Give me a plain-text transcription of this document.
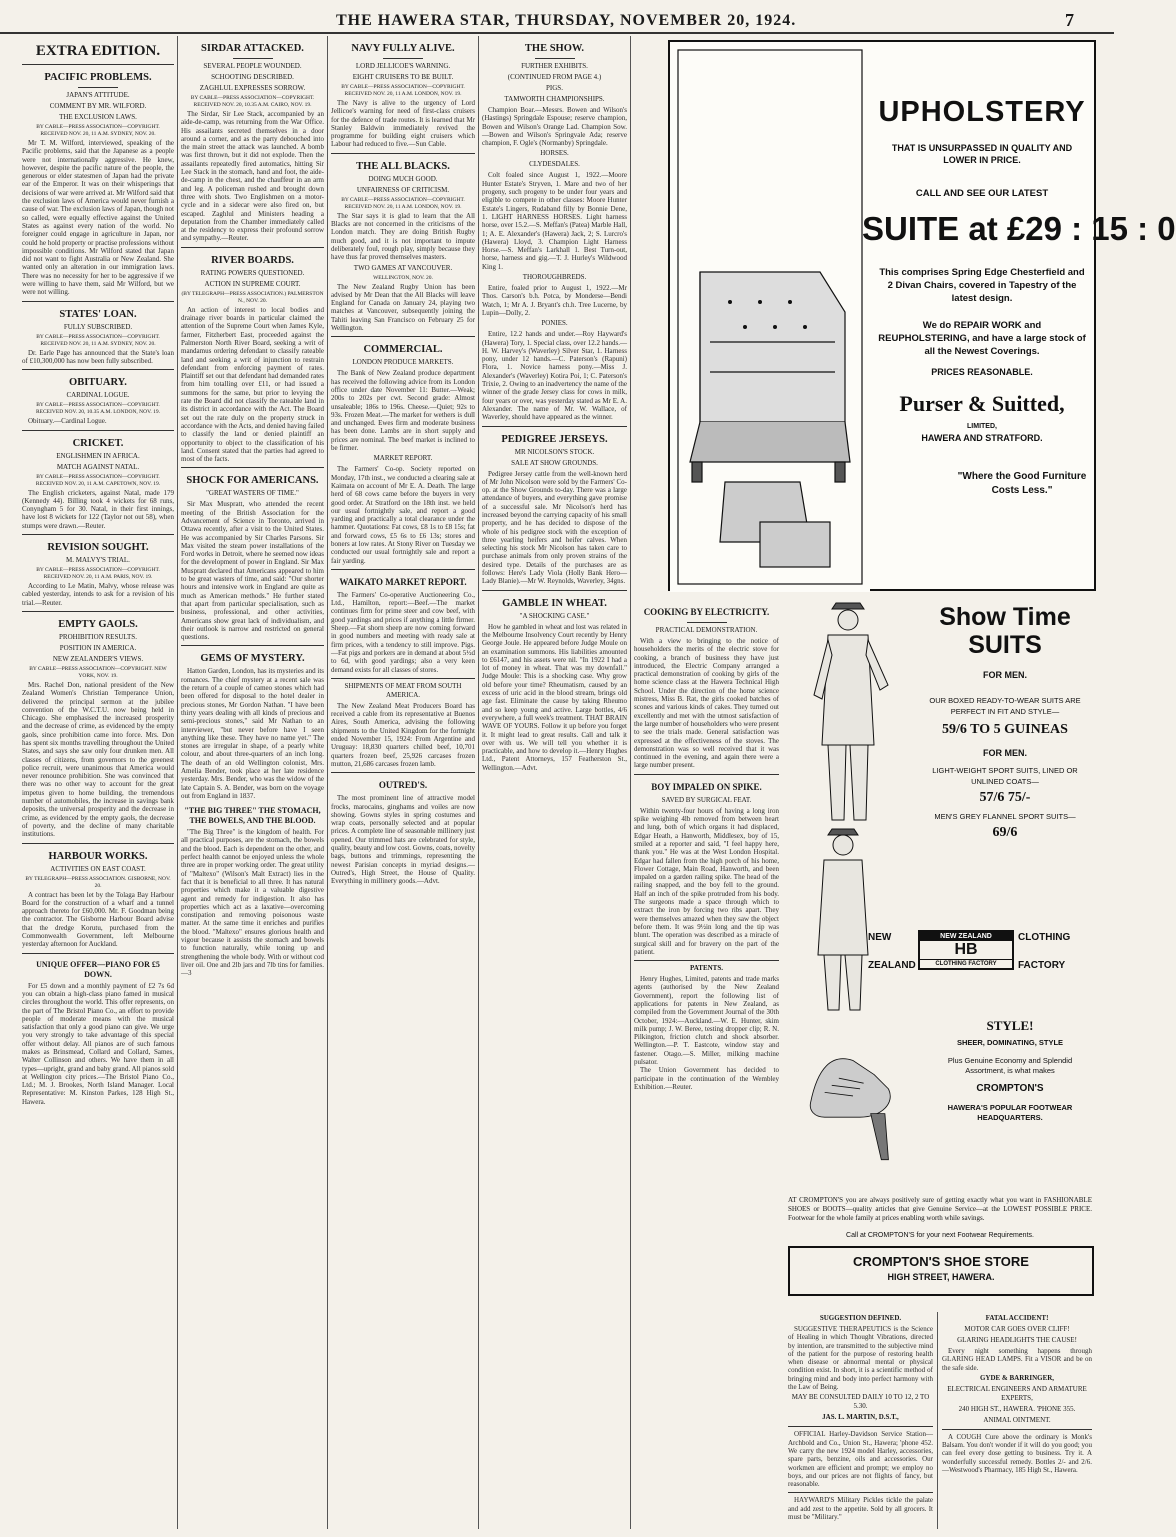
THE HAWERA STAR, THURSDAY, NOVEMBER 20, 1924.	7
EXTRA EDITION.
PACIFIC PROBLEMS.
JAPAN'S ATTITUDE.
COMMENT BY MR. WILFORD.
THE EXCLUSION LAWS.
BY CABLE—PRESS ASSOCIATION—COPYRIGHT. RECEIVED NOV. 20, 11 A.M. SYDNEY, NOV. 20.

Mr T. M. Wilford, interviewed, speaking of the Pacific problems, said that the Japanese as a people were not internationally aggressive. He knew, however, despite the pacific nature of the people, the generous or elder statesmen of Japan had the private ear of the Emperor. It was on their whisperings that decisions of war were arrived at. Mr Wilford said that the exclusion laws of America would never furnish a cause of war. The exclusion laws of Japan, though not so called, were equally effective against the United States as against every nation of the world. No foreigner could engage in agriculture in Japan, nor could he hold property or practise professions without impossible conditions. Mr Wilford stated that Japan did not want to fight Australia or New Zealand. She wanted only an alteration in our immigration laws. There was no necessity for her to be aggressive if we were willing to have them, said Mr Wilford, but we were not willing.

STATES' LOAN.
FULLY SUBSCRIBED.
BY CABLE—PRESS ASSOCIATION—COPYRIGHT. RECEIVED NOV. 20, 11 A.M. SYDNEY, NOV. 20.

Dr. Earle Page has announced that the State's loan of £10,300,000 has now been fully subscribed.

OBITUARY.
CARDINAL LOGUE.
BY CABLE—PRESS ASSOCIATION—COPYRIGHT. RECEIVED NOV. 20, 10.35 A.M. LONDON, NOV. 19.

Obituary.—Cardinal Logue.

CRICKET.
ENGLISHMEN IN AFRICA.
MATCH AGAINST NATAL.
BY CABLE—PRESS ASSOCIATION—COPYRIGHT. RECEIVED NOV. 20, 11 A.M. CAPETOWN, NOV. 19.

The English cricketers, against Natal, made 179 (Kennedy 44). Billing took 4 wickets for 68 runs, Conyngham 5 for 30. Natal, in their first innings, have lost 8 wickets for 122 (Taylor not out 58), when stumps were drawn.—Reuter.

REVISION SOUGHT.
M. MALVY'S TRIAL.
BY CABLE—PRESS ASSOCIATION—COPYRIGHT. RECEIVED NOV. 20, 11 A.M. PARIS, NOV. 19.

According to Le Matin, Malvy, whose release was cabled yesterday, intends to ask for a revision of his trial.—Reuter.

EMPTY GAOLS.
PROHIBITION RESULTS.
POSITION IN AMERICA.
NEW ZEALANDER'S VIEWS.
BY CABLE—PRESS ASSOCIATION—COPYRIGHT. NEW YORK, NOV. 19.

Mrs. Rachel Don, national president of the New Zealand Women's Christian Temperance Union, delivered the principal sermon at the jubilee convention of the W.C.T.U. now being held in Chicago. She emphasised the increased prosperity and the decrease of crime, as evidenced by the empty gaols, since prohibition came into force. Mrs. Don has spent six months travelling throughout the United States, and says she saw only four drunken men. All classes of citizens, from governors to the greenest police recruit, were unanimous that America would never renounce prohibition. She was convinced that there was no other way to account for the great impetus given to home building, the tremendous number of automobiles, the increase in savings bank deposits, the universal prosperity and the decrease in crime, as evidenced by the empty gaols, the decrease of poverty, and the decline of many charitable institutions.

HARBOUR WORKS.
ACTIVITIES ON EAST COAST.
BY TELEGRAPH—PRESS ASSOCIATION. GISBORNE, NOV. 20.

A contract has been let by the Tolaga Bay Harbour Board for the construction of a wharf and a tunnel approach thereto for £60,000. Mr. F. Goodman being the contractor. The Gisborne Harbour Board advise that the dredge Korutu, purchased from the Commonwealth Government, left Melbourne yesterday afternoon for Auckland.

UNIQUE OFFER—PIANO FOR £5 DOWN.

For £5 down and a monthly payment of £2 7s 6d you can obtain a high-class piano famed in musical circles throughout the world. This offer represents, on the part of The Bristol Piano Co., an effort to provide people of moderate means with the musical satisfaction that only a good piano can give. We urge you very strongly to take advantage of this special offer without delay. All pianos are of such famous makes as Brinsmead, Collard and Collard, Sames, Walter Collinson and others. We have them in all types—upright, grand and baby grand. All pianos sold at Wellington city prices.—The Bristol Piano Co., Ltd.; M. J. Brookes, North Island Manager. Local Representative: M. Kinston Parkes, 128 High St., Hawera.

SIRDAR ATTACKED.
SEVERAL PEOPLE WOUNDED.
SCHOOTING DESCRIBED.
ZAGHLUL EXPRESSES SORROW.
BY CABLE—PRESS ASSOCIATION—COPYRIGHT. RECEIVED NOV. 20, 10.35 A.M. CAIRO, NOV. 19.

The Sirdar, Sir Lee Stack, accompanied by an aide-de-camp, was returning from the War Office. His assailants secreted themselves in a door around a corner, and as the party debouched into the main street the attack was launched. A bomb was first thrown, but it did not explode. Then the assailants repeatedly fired automatics, hitting Sir Lee Stack in the stomach, hand and foot, the aide-de-camp in the chest, and the chauffeur in an arm and leg. A policeman rushed and brought down three with shots. Two Englishmen on a motor-cycle and in a sidecar were also fired on, but escaped. Zaghlul and Ministers heading a deputation from the Chamber immediately called at the residency to express their profound sorrow and sympathy.—Reuter.

RIVER BOARDS.
RATING POWERS QUESTIONED.
ACTION IN SUPREME COURT.
(BY TELEGRAPH—PRESS ASSOCIATION.) PALMERSTON N., NOV. 20.

An action of interest to local bodies and drainage river boards in particular claimed the attention of the Supreme Court when James Kyle, farmer, Fitzherbert East, proceeded against the Palmerston North River Board, seeking a writ of mandamus ordering defendant to classify rateable land and seeking a writ of injunction to restrain defendant from enforcing payment of rates. Plaintiff set out that defendant had demanded rates from him totalling over £11, or had issued a summons for the same, but prior to levying the rate the Board did not classify the rateable land in its district in accordance with the Act. The Board set out the rate duly on the property struck in accordance with the Acts, and denied having failed to classify the land or denied plaintiff an opportunity to object to the classification of his land. Consent stated that the parties had agreed to most of the facts.

SHOCK FOR AMERICANS.
"GREAT WASTERS OF TIME."

Sir Max Muspratt, who attended the recent meeting of the British Association for the Advancement of Science in Toronto, arrived in Ottawa recently, after a visit to the United States. He was accompanied by Sir Charles Parsons. Sir Max visited the steam power installations of the Ford works in Detroit, where he seemed now ideas for the development of power in England. Sir Max Muspratt declared that Americans appeared to him to be great wasters of time, and said: "Our shorter hours and intensive work in England are quite as much as American methods." He further stated that apart from particular specialisation, such as business, professional, and other activities, Americans show great lack of individualism, and their outlook is narrow and restricted on general questions.

GEMS OF MYSTERY.

Hatton Garden, London, has its mysteries and its romances. The chief mystery at a recent sale was the return of a couple of cameo stones which had been offered for disposal to the hotel dealer in precious stones, Mr Gordon Nathan. "I have been thirty years dealing with all kinds of precious and semi-precious stones," said Mr Nathan to an interviewer, "but never before have I seen anything like these. They have no name yet." The stones are irregular in shape, of a pearly white colour, and about three-quarters of an inch long. The death of an old Wellington colonist, Mrs. Amelia Bender, took place at her late residence yesterday. Mrs. Bender, who was the widow of the late Captain S. A. Bender, was born on the voyage out from England in 1837.

"THE BIG THREE" THE STOMACH, THE BOWELS, AND THE BLOOD.

"The Big Three" is the kingdom of health. For all practical purposes, are the stomach, the bowels and the blood. Each is dependent on the other, and perfect health cannot be enjoyed unless the whole three are in proper working order. The great utility of "Maltexo" (Wilson's Malt Extract) lies in the fact that it is beneficial to all three. It has natural properties which make it a valuable digestive agent and remedy for indigestion. It also has properties which act as a laxative—overcoming constipation and removing poisonous waste matter. At the same time it enriches and purifies the blood. "Maltexo" ensures glorious health and vigour because it assists the stomach and bowels to function naturally, while toning up and strengthening the whole body. With or without cod liver oil. One and 2lb jars and 7lb tins for families.—3

NAVY FULLY ALIVE.
LORD JELLICOE'S WARNING.
EIGHT CRUISERS TO BE BUILT.
BY CABLE—PRESS ASSOCIATION—COPYRIGHT. RECEIVED NOV. 20, 11 A.M. LONDON, NOV. 19.

The Navy is alive to the urgency of Lord Jellicoe's warning for need of first-class cruisers for the defence of trade routes. It is learned that Mr Stanley Baldwin immediately revived the programme for building eight cruisers which Labour had reduced to five.—Sun Cable.

THE ALL BLACKS.
DOING MUCH GOOD.
UNFAIRNESS OF CRITICISM.
BY CABLE—PRESS ASSOCIATION—COPYRIGHT. RECEIVED NOV. 20, 11 A.M. LONDON, NOV. 19.

The Star says it is glad to learn that the All Blacks are not concerned in the criticisms of the London match. They are doing British Rugby much good, and it is not important to impute deliberately foul, rough play, simply because they have thus far proved themselves masters.

TWO GAMES AT VANCOUVER.
WELLINGTON, NOV. 20.

The New Zealand Rugby Union has been advised by Mr Dean that the All Blacks will leave England for Canada on January 24, playing two matches at Vancouver, subsequently joining the Tahiti leaving San Francisco on February 25 for Wellington.

COMMERCIAL.
LONDON PRODUCE MARKETS.

The Bank of New Zealand produce department has received the following advice from its London office under date November 11: Butter.—Weak; 200s to 202s per cwt. Second grade: Almost unsaleable; 186s to 196s. Cheese.—Quiet; 92s to 93s. Frozen Meat.—The market for wethers is dull and unchanged. Ewes firm and moderate business has been done. Lambs are in short supply and prices are nominal. The beef market is inclined to be firmer.

MARKET REPORT.

The Farmers' Co-op. Society reported on Monday, 17th inst., we conducted a clearing sale at Kaimata on account of Mr E. A. Death. The large herd of 68 cows came before the buyers in very good order. At Stratford on the 18th inst. we held our usual fortnightly sale, and report a good yarding and practically a total clearance under the hammer. Quotations: Fat cows, £8 1s to £8 15s; fat and forward cows, £5 6s to £6 13s; stores and boners at low rates. At Stony River on Tuesday we conducted our usual fortnightly sale and report a fair yarding.

WAIKATO MARKET REPORT.

The Farmers' Co-operative Auctioneering Co., Ltd., Hamilton, report:—Beef.—The market continues firm for prime steer and cow beef, with good yardings and prices if anything a little firmer. Sheep.—Fat shorn sheep are now coming forward in good numbers and meeting with ready sale at firm prices, with a tendency to still improve. Pigs.—Fat pigs and porkers are in demand at about 5½d to 6d, with good yardings; also a very keen demand exists for all classes of stores.

SHIPMENTS OF MEAT FROM SOUTH AMERICA.

The New Zealand Meat Producers Board has received a cable from its representative at Buenos Aires, South America, advising the following shipments to the United Kingdom for the fortnight ended November 15, 1924: From Argentine and Uruguay: 18,830 quarters chilled beef, 10,701 quarters frozen beef, 25,926 carcases frozen mutton, 21,686 carcases frozen lamb.

OUTRED'S.

The most prominent line of attractive model frocks, marocains, ginghams and voiles are now showing. Gowns styles in spring costumes and wrap coats, personally selected and at popular prices. A complete line of seasonable millinery just opened. Our trimmed hats are celebrated for style, quality, beauty and low cost. Gowns, coats, novelty bags, buttons and trimmings, representing the newest Parisian concepts in myriad designs.—Outred's, High Street, the House of Quality. Everything in millinery goods.—Advt.

THE SHOW.
FURTHER EXHIBITS.
(CONTINUED FROM PAGE 4.)
PIGS.
TAMWORTH CHAMPIONSHIPS.

Champion Boar.—Messrs. Bowen and Wilson's (Hastings) Springdale Espouse; reserve champion, Bowen and Wilson's Orange Lad. Champion Sow.—Bowen and Wilson's Springvale Ada; reserve champion, F. Ogle's (Normanby) Springdale.

HORSES.
CLYDESDALES.

Colt foaled since August 1, 1922.—Moore Hunter Estate's Stryven, 1. Mare and two of her progeny, such progeny to be under four years and eligible to compete in other classes: Moore Hunter Estate's Lingers, Rudaband filly by Bonnie Dene, 1. LIGHT HARNESS HORSES. Light harness horse, over 15.2.—S. Meffan's (Patea) Marble Hall, 1; A. E. Alexander's (Hawera) Jack, 2; S. Lurcro's (Hawera) Lloyd, 3. Champion Light Harness Horse.—S. Meffan's Larkhall 1. Best Turn-out, horse, harness and gig.—T. J. Hurley's Wildwood King 1.

THOROUGHBREDS.

Entire, foaled prior to August 1, 1922.—Mr Thos. Carson's b.h. Potca, by Monderse—Bendi Watch, 1; Mr A. J. Bryant's ch.h. Tree Lucerne, by Lupin—Dolly, 2.

PONIES.

Entire, 12.2 hands and under.—Roy Hayward's (Hawera) Tory, 1. Special class, over 12.2 hands.—H. W. Harvey's (Waverley) Silver Star, 1. Harness pony, under 12 hands.—C. Paterson's (Rapuni) Flora, 1. Novice harness pony.—Miss J. Alexander's (Waverley) Kotira Poi, 1; C. Paterson's Trixie, 2. Owing to an inadvertency the name of the winner of the grade Jersey class for cows in milk, four years or over, was yesterday stated as Mr E. A. Alexander. The name of Mr. W. Wallace, of Waverley, should have appeared as the winner.

PEDIGREE JERSEYS.
MR NICOLSON'S STOCK.
SALE AT SHOW GROUNDS.

Pedigree Jersey cattle from the well-known herd of Mr John Nicolson were sold by the Farmers' Co-op. at the Show Grounds to-day. There was a large attendance of buyers, and everything gave promise of a successful sale. Mr Nicolson's herd has increased beyond the carrying capacity of his small property, and he has decided to dispose of the whole of his pedigree stock with the exception of three yearling heifers and heifer calves. When selecting his stock Mr Nicolson has taken care to purchase animals from only proven strains of the desired type. Details of the purchases are as follows: Here's Lady Viola (Holly Bank Hero—Lady Blanie).—Mr W. Reynolds, Waverley, 34gns.

GAMBLE IN WHEAT.
"A SHOCKING CASE."

How he gambled in wheat and lost was related in the Melbourne Insolvency Court recently by Henry George Joule. He appeared before Judge Moule on an examination summons. His liabilities amounted to £6147, and his assets were nil. "In 1922 I had a lot of money in wheat. That was my downfall." Judge Moule: This is a shocking case. Why grow old before your time? Rheumatism, caused by an excess of uric acid in the blood stream, brings old age fast. Eliminate the cause by taking Rheumo and so keep young and active. Large bottles, 4/6 everywhere, a full week's treatment. THAT BRAIN WAVE OF YOURS. Follow it up before you forget it. It might lead to great results. Call and talk it over with us. We will tell you whether it is practicable, and how to develop it.—Henry Hughes Ltd., Patent Attorneys, 157 Featherston St., Wellington.—Advt.

UPHOLSTERY
THAT IS UNSURPASSED IN QUALITY AND LOWER IN PRICE.
CALL AND SEE OUR LATEST
SUITE at £29 : 15 : 0
This comprises Spring Edge Chesterfield and 2 Divan Chairs, covered in Tapestry of the latest design.
We do REPAIR WORK and REUPHOLSTERING, and have a large stock of all the Newest Coverings.
PRICES REASONABLE.
Purser & Suitted,
LIMITED,
HAWERA AND STRATFORD.
"Where the Good Furniture Costs Less."
COOKING BY ELECTRICITY.
PRACTICAL DEMONSTRATION.

With a view to bringing to the notice of householders the merits of the electric stove for cooking, a branch of business they have just introduced, the Electric Company arranged a practical demonstration of cooking by girls of the home science class at the Hawera Technical High School. Under the direction of the home science mistress, Miss B. Rat, the girls cooked batches of scones and various kinds of cakes. They turned out excellently and met with the utmost satisfaction of the large number of householders who were present to see the trials made. General satisfaction was expressed at the effectiveness of the stoves. The demonstration was so well received that it was continued in the evening, and again there were a large number present.

BOY IMPALED ON SPIKE.
SAVED BY SURGICAL FEAT.

Within twenty-four hours of having a long iron spike weighing 4lb removed from between heart and lung, both of which organs it had displaced, Edgar Heath, a Hanworth, Middlesex, boy of 15, smiled at a reporter and said, "I feel happy here, thank you." He was at the West London Hospital. Edgar had fallen from the high porch of his home, Flower Cottage, Main Road, Hanworth, and been impaled on a garden railing spike. The head of the railing snapped, and the boy fell to the ground. Half an inch of the spike protruded from his body. The surgeons made a space through which to extract the iron by forcing two ribs apart. They were themselves amazed when they saw the object before them. It was 9½in long and the tip was blunt. The operation was described as a miracle of surgical skill and for bravery on the part of the patient.

PATENTS.

Henry Hughes, Limited, patents and trade marks agents (authorised by the New Zealand Government), report the following list of applications for patents in New Zealand, as compiled from the Government Journal of the 30th October, 1924:—Auckland.—W. E. Hunter, skim milk pump; J. W. Beree, testing dropper clip; R. N. Pilkington, friction clutch and shock absorber. Wellington.—P. T. Eastcote, window stay and fastener. Otago.—S. Miller, milking machine pulsator.

The Union Government has decided to participate in the continuation of the Wembley Exhibition.—Reuter.

Show Time SUITS
FOR MEN.
OUR BOXED READY-TO-WEAR SUITS ARE PERFECT IN FIT AND STYLE—
59/6 TO 5 GUINEAS
FOR MEN.
LIGHT-WEIGHT SPORT SUITS, LINED OR UNLINED COATS—
57/6 75/-
MEN'S GREY FLANNEL SPORT SUITS—
69/6
NEW
ZEALAND
NEW ZEALAND
HB
CLOTHING FACTORY
CLOTHING
FACTORY
STYLE!
SHEER, DOMINATING, STYLE
Plus Genuine Economy and Splendid Assortment, is what makes
CROMPTON'S
HAWERA'S POPULAR FOOTWEAR HEADQUARTERS.

AT CROMPTON'S you are always positively sure of getting exactly what you want in FASHIONABLE SHOES or BOOTS—quality articles that give Genuine Service—at the LOWEST POSSIBLE PRICE. Footwear for the whole family at prices enabling worth while savings.

Call at CROMPTON'S for your next Footwear Requirements.
CROMPTON'S SHOE STORE
HIGH STREET, HAWERA.
SUGGESTION DEFINED.

SUGGESTIVE THERAPEUTICS is the Science of Healing in which Thought Vibrations, directed by intention, are transmitted to the subjective mind of the patient for the purpose of restoring health when disease or abnormal mental or physical condition exist. In short, it is a scientific method of bringing mind and body into perfect harmony with the Law of Being.

MAY BE CONSULTED DAILY 10 TO 12, 2 TO 5.30.
JAS. L. MARTIN, D.S.T.,

OFFICIAL Harley-Davidson Service Station—Archbold and Co., Union St., Hawera; 'phone 452. We carry the new 1924 model Harley, accessories, spare parts, benzine, oils and accessories. Our workmen are efficient and prompt; we employ no boys, and our prices are not flights of fancy, but reasonable.

HAYWARD'S Military Pickles tickle the palate and add zest to the appetite. Sold by all grocers. It must be "Military."

FATAL ACCIDENT!
MOTOR CAR GOES OVER CLIFF!
GLARING HEADLIGHTS THE CAUSE!

Every night something happens through GLARING HEAD LAMPS. Fit a VISOR and be on the safe side.

GYDE & BARRINGER,
ELECTRICAL ENGINEERS AND ARMATURE EXPERTS,
240 HIGH ST., HAWERA. 'PHONE 355.
ANIMAL OINTMENT.

A COUGH Cure above the ordinary is Monk's Balsam. You don't wonder if it will do you good; you can feel every dose getting to business. Try it. A wonderfully successful remedy. Bottles 2/- and 2/6.—Westwood's Pharmacy, 185 High St., Hawera.
